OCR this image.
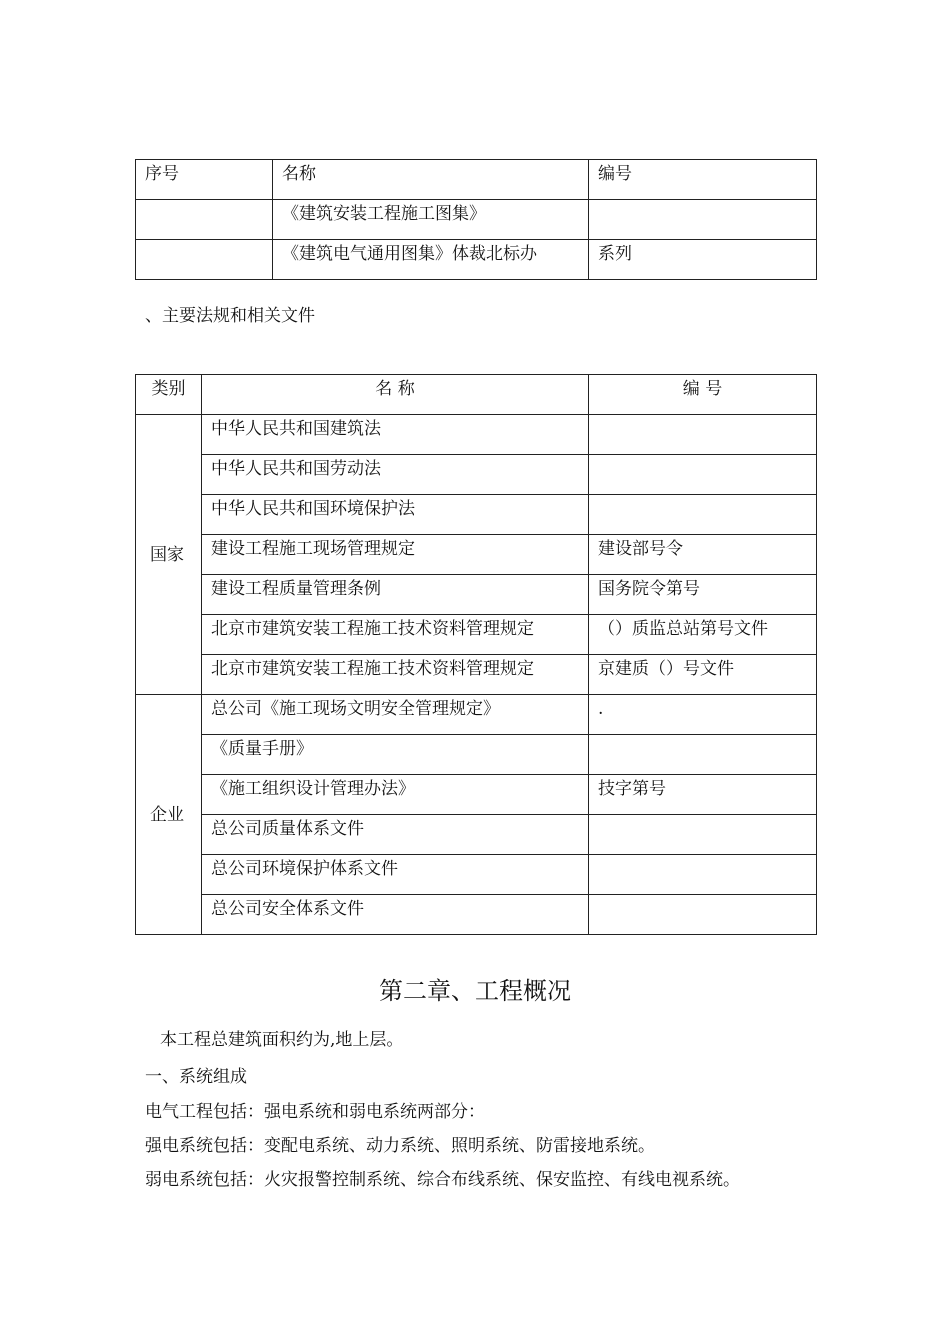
序号	名称	编号
	《建筑安装工程施工图集》	
	《建筑电气通用图集》体裁北标办	系列
、主要法规和相关文件
类别	名 称	编 号
国家	中华人民共和国建筑法	
	中华人民共和国劳动法	
	中华人民共和国环境保护法	
	建设工程施工现场管理规定	建设部号令
	建设工程质量管理条例	国务院令第号
	北京市建筑安装工程施工技术资料管理规定	（）质监总站第号文件
	北京市建筑安装工程施工技术资料管理规定	京建质（）号文件
企业	总公司《施工现场文明安全管理规定》	.
	《质量手册》	
	《施工组织设计管理办法》	技字第号
	总公司质量体系文件	
	总公司环境保护体系文件	
	总公司安全体系文件	
第二章、工程概况
本工程总建筑面积约为,地上层。
一、系统组成
电气工程包括：强电系统和弱电系统两部分：
强电系统包括：变配电系统、动力系统、照明系统、防雷接地系统。
弱电系统包括：火灾报警控制系统、综合布线系统、保安监控、有线电视系统。
